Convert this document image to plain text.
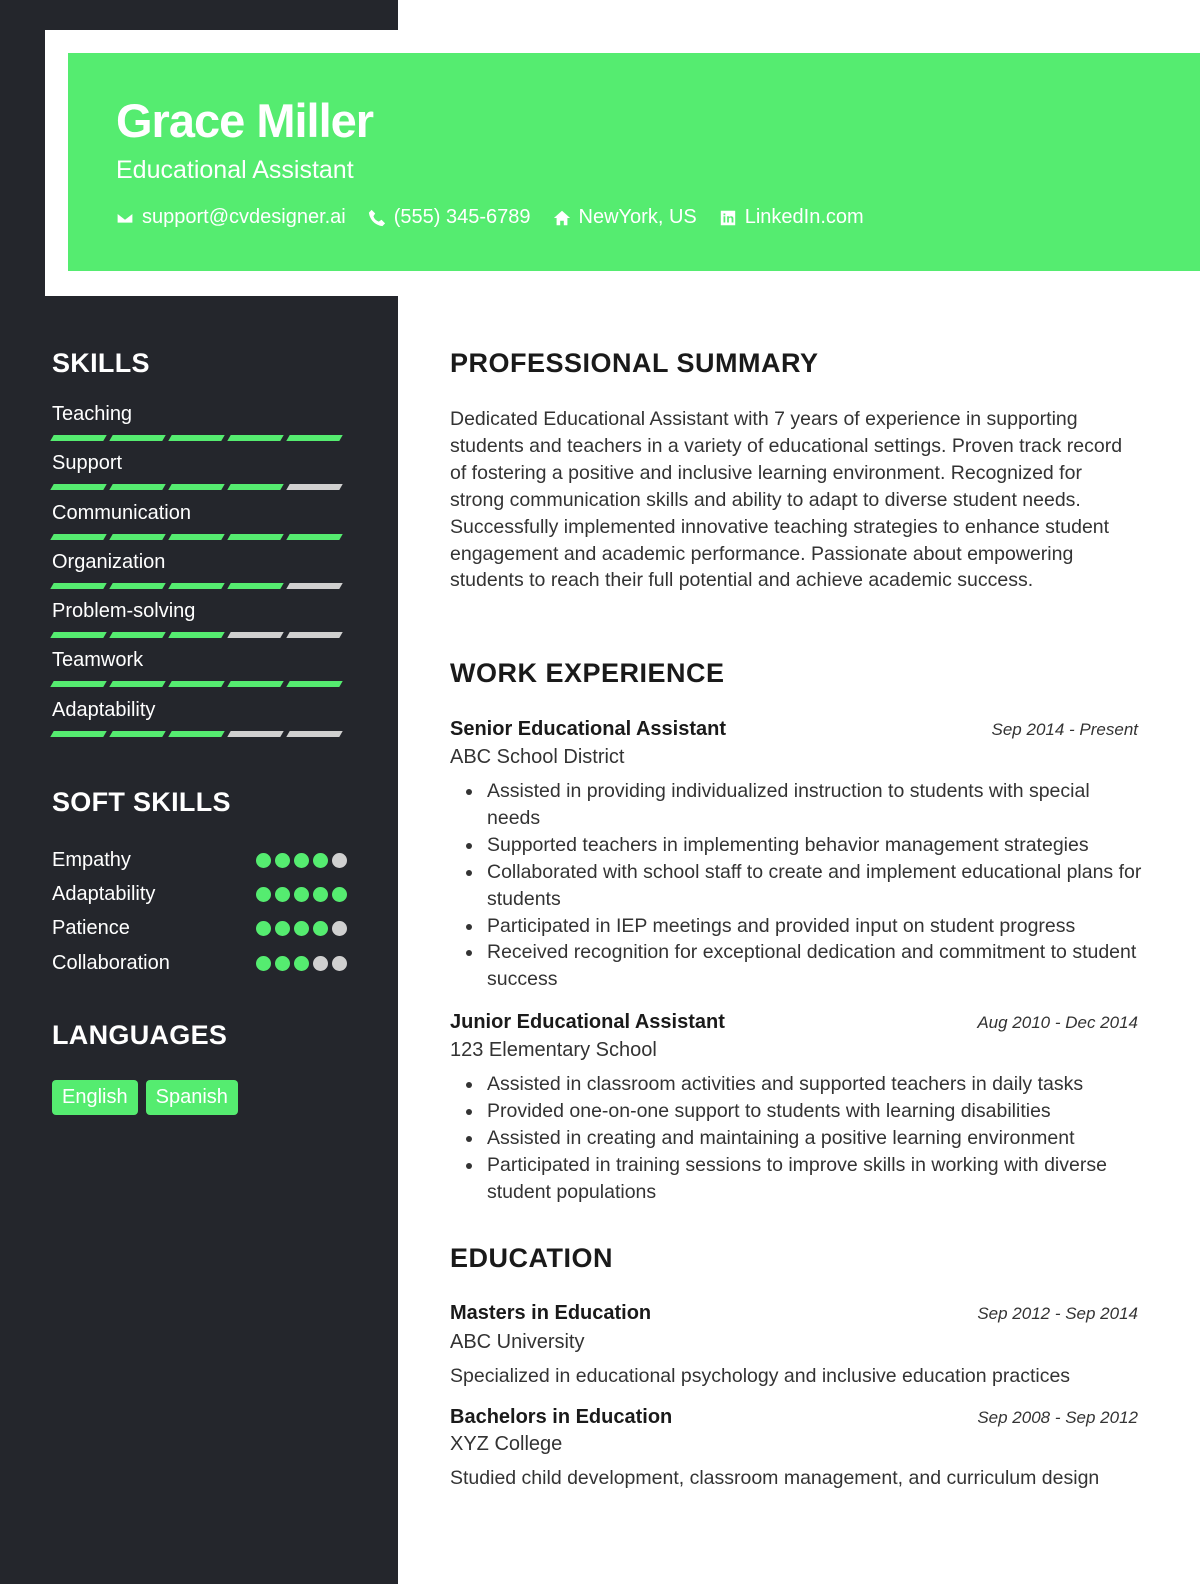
Grace Miller
Educational Assistant
support@cvdesigner.ai (555) 345-6789 NewYork, US LinkedIn.com
SKILLS
Teaching
Support
Communication
Organization
Problem-solving
Teamwork
Adaptability
SOFT SKILLS
Empathy
Adaptability
Patience
Collaboration
LANGUAGES
English	Spanish
PROFESSIONAL SUMMARY

Dedicated Educational Assistant with 7 years of experience in supporting students and teachers in a variety of educational settings. Proven track record of fostering a positive and inclusive learning environment. Recognized for strong communication skills and ability to adapt to diverse student needs. Successfully implemented innovative teaching strategies to enhance student engagement and academic performance. Passionate about empowering students to reach their full potential and achieve academic success.

WORK EXPERIENCE
Senior Educational Assistant	Sep 2014 - Present
ABC School District
Assisted in providing individualized instruction to students with special needs
Supported teachers in implementing behavior management strategies
Collaborated with school staff to create and implement educational plans for students
Participated in IEP meetings and provided input on student progress
Received recognition for exceptional dedication and commitment to student success
Junior Educational Assistant	Aug 2010 - Dec 2014
123 Elementary School
Assisted in classroom activities and supported teachers in daily tasks
Provided one-on-one support to students with learning disabilities
Assisted in creating and maintaining a positive learning environment
Participated in training sessions to improve skills in working with diverse student populations
EDUCATION
Masters in Education	Sep 2012 - Sep 2014
ABC University

Specialized in educational psychology and inclusive education practices

Bachelors in Education	Sep 2008 - Sep 2012
XYZ College

Studied child development, classroom management, and curriculum design
